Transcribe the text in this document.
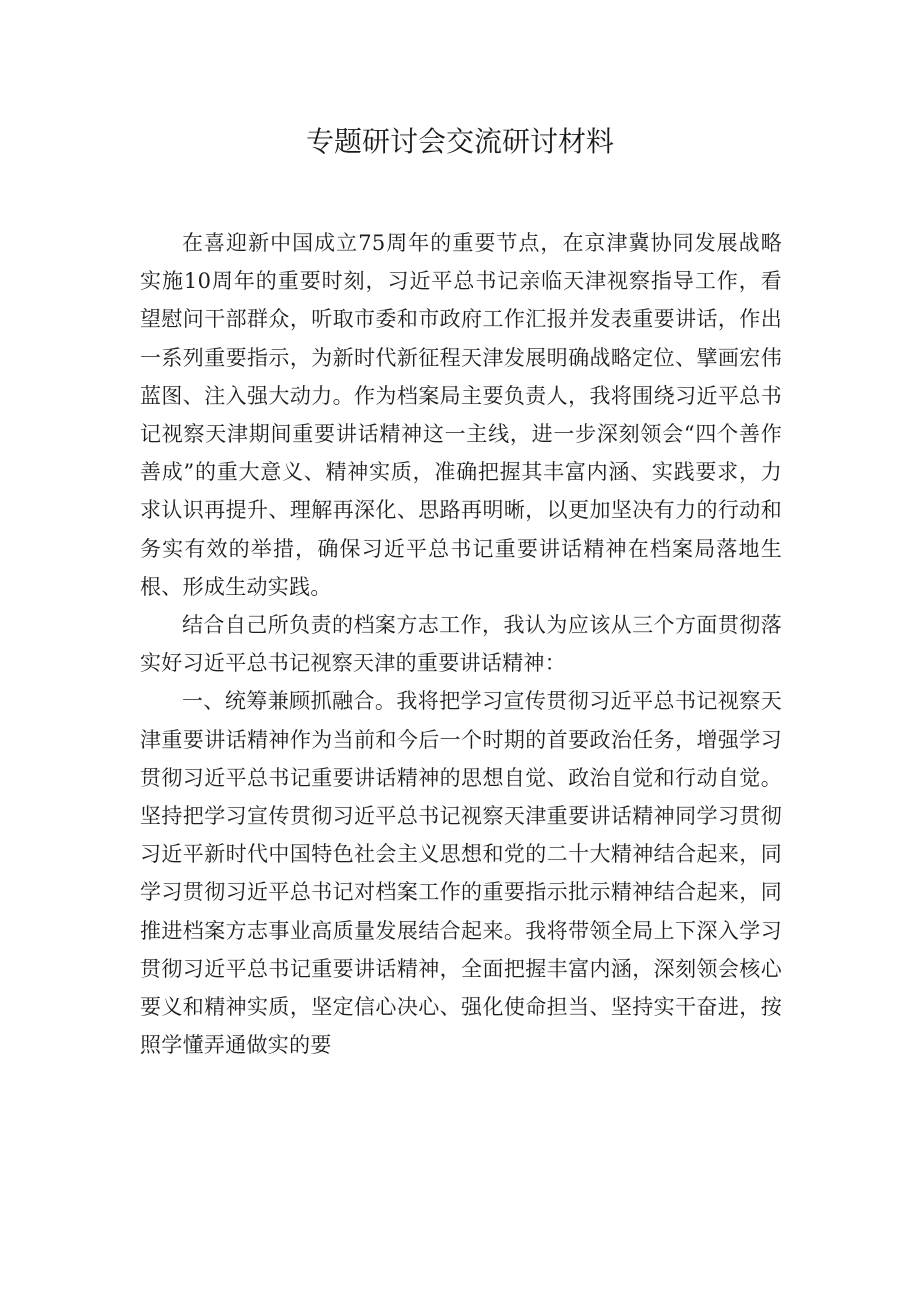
专题研讨会交流研讨材料

在喜迎新中国成立75周年的重要节点，在京津冀协同发展战略实施10周年的重要时刻，习近平总书记亲临天津视察指导工作，看望慰问干部群众，听取市委和市政府工作汇报并发表重要讲话，作出一系列重要指示，为新时代新征程天津发展明确战略定位、擘画宏伟蓝图、注入强大动力。作为档案局主要负责人，我将围绕习近平总书记视察天津期间重要讲话精神这一主线，进一步深刻领会“四个善作善成”的重大意义、精神实质，准确把握其丰富内涵、实践要求，力求认识再提升、理解再深化、思路再明晰，以更加坚决有力的行动和务实有效的举措，确保习近平总书记重要讲话精神在档案局落地生根、形成生动实践。

结合自己所负责的档案方志工作，我认为应该从三个方面贯彻落实好习近平总书记视察天津的重要讲话精神：

一、统筹兼顾抓融合。我将把学习宣传贯彻习近平总书记视察天津重要讲话精神作为当前和今后一个时期的首要政治任务，增强学习贯彻习近平总书记重要讲话精神的思想自觉、政治自觉和行动自觉。坚持把学习宣传贯彻习近平总书记视察天津重要讲话精神同学习贯彻习近平新时代中国特色社会主义思想和党的二十大精神结合起来，同学习贯彻习近平总书记对档案工作的重要指示批示精神结合起来，同推进档案方志事业高质量发展结合起来。我将带领全局上下深入学习贯彻习近平总书记重要讲话精神，全面把握丰富内涵，深刻领会核心要义和精神实质，坚定信心决心、强化使命担当、坚持实干奋进，按照学懂弄通做实的要
